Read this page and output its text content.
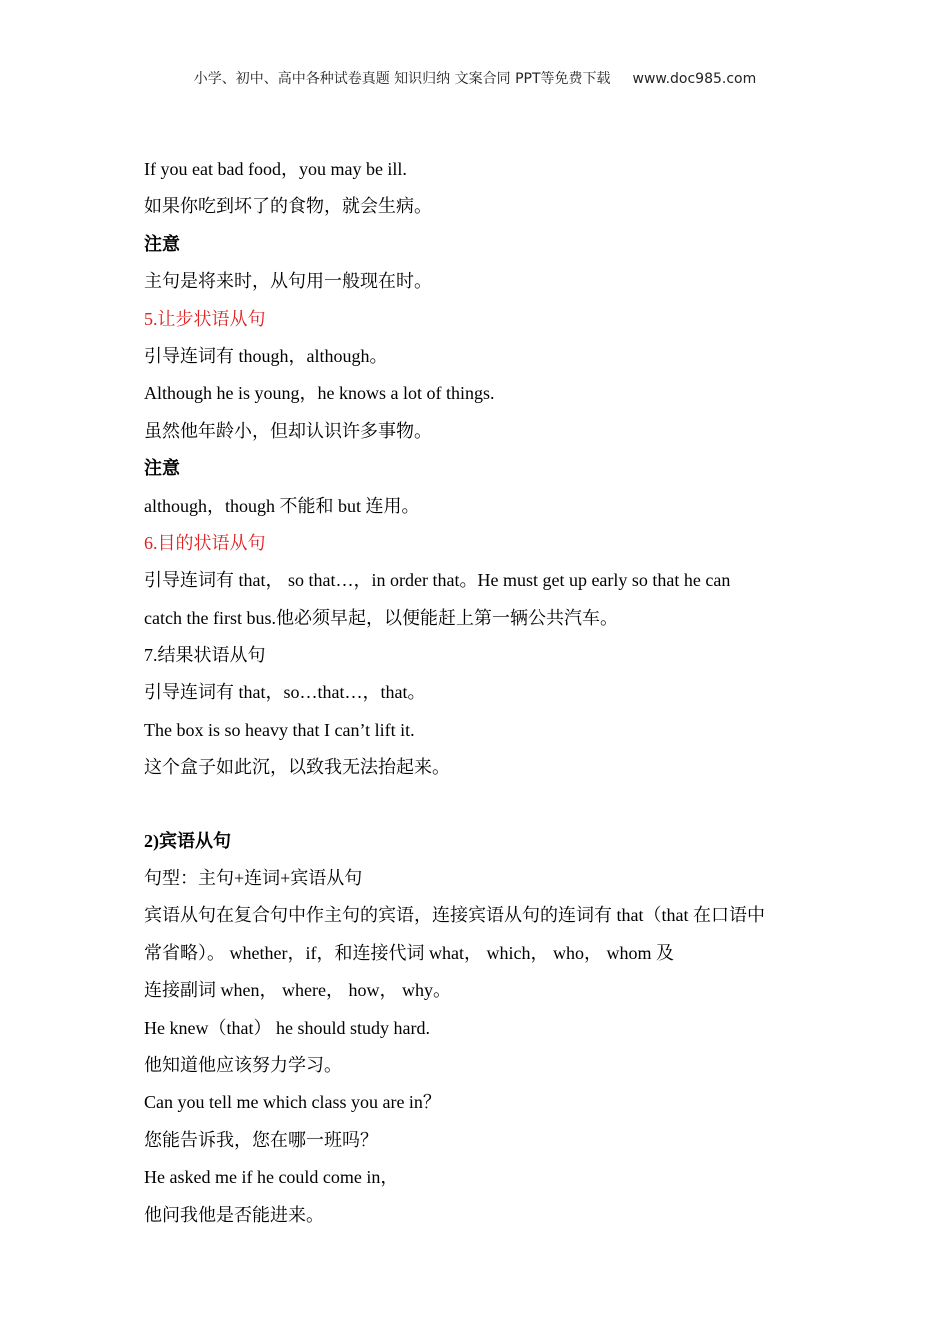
小学、初中、高中各种试卷真题 知识归纳 文案合同 PPT等免费下载 www.doc985.com
If you eat bad food，you may be ill.
如果你吃到坏了的食物，就会生病。
注意
主句是将来时，从句用一般现在时。
5.让步状语从句
引导连词有 though，although。
Although he is young，he knows a lot of things.
虽然他年龄小，但却认识许多事物。
注意
although，though 不能和 but 连用。
6.目的状语从句
引导连词有 that， so that…，in order that。He must get up early so that he can
catch the first bus.他必须早起，以便能赶上第一辆公共汽车。
7.结果状语从句
引导连词有 that，so…that…，that。
The box is so heavy that I can’t lift it.
这个盒子如此沉，以致我无法抬起来。
2)宾语从句
句型：主句+连词+宾语从句
宾语从句在复合句中作主句的宾语，连接宾语从句的连词有 that（that 在口语中
常省略）。 whether，if，和连接代词 what， which， who， whom 及
连接副词 when， where， how， why。
He knew（that） he should study hard.
他知道他应该努力学习。
Can you tell me which class you are in？
您能告诉我，您在哪一班吗？
He asked me if he could come in，
他问我他是否能进来。
